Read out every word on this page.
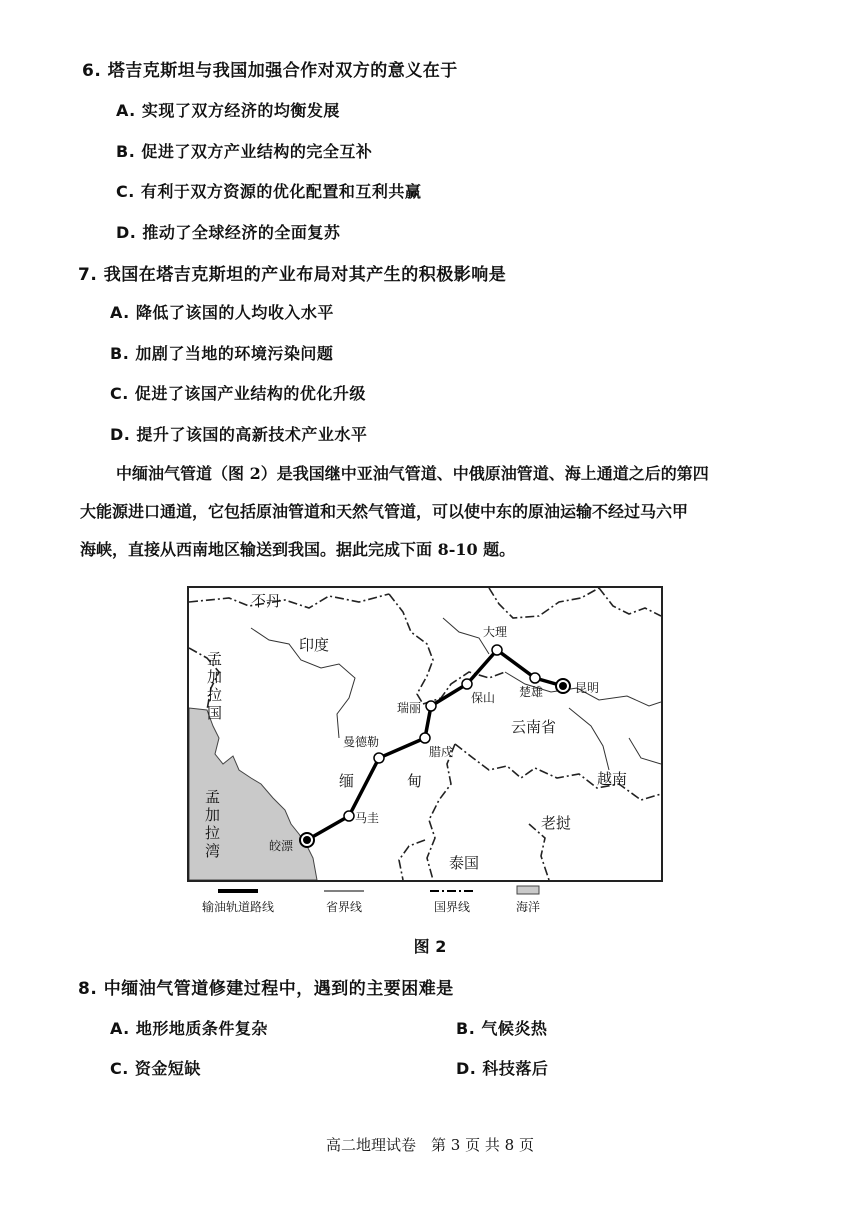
6. 塔吉克斯坦与我国加强合作对双方的意义在于
A. 实现了双方经济的均衡发展
B. 促进了双方产业结构的完全互补
C. 有利于双方资源的优化配置和互利共赢
D. 推动了全球经济的全面复苏
7. 我国在塔吉克斯坦的产业布局对其产生的积极影响是
A. 降低了该国的人均收入水平
B. 加剧了当地的环境污染问题
C. 促进了该国产业结构的优化升级
D. 提升了该国的高新技术产业水平
中缅油气管道（图 2）是我国继中亚油气管道、中俄原油管道、海上通道之后的第四
大能源进口通道，它包括原油管道和天然气管道，可以使中东的原油运输不经过马六甲
海峡，直接从西南地区输送到我国。据此完成下面 8-10 题。
皎漂
马圭
曼德勒
腊戍
瑞丽
保山
大理
楚雄	昆明
不丹
印度
缅	甸
云南省
越南
老挝
泰国
孟
加
拉
国
孟
加
拉
湾
输油轨道路线	省界线	国界线	海洋
图 2
8. 中缅油气管道修建过程中，遇到的主要困难是
A. 地形地质条件复杂	B. 气候炎热
C. 资金短缺	D. 科技落后
高二地理试卷　第 3 页 共 8 页
